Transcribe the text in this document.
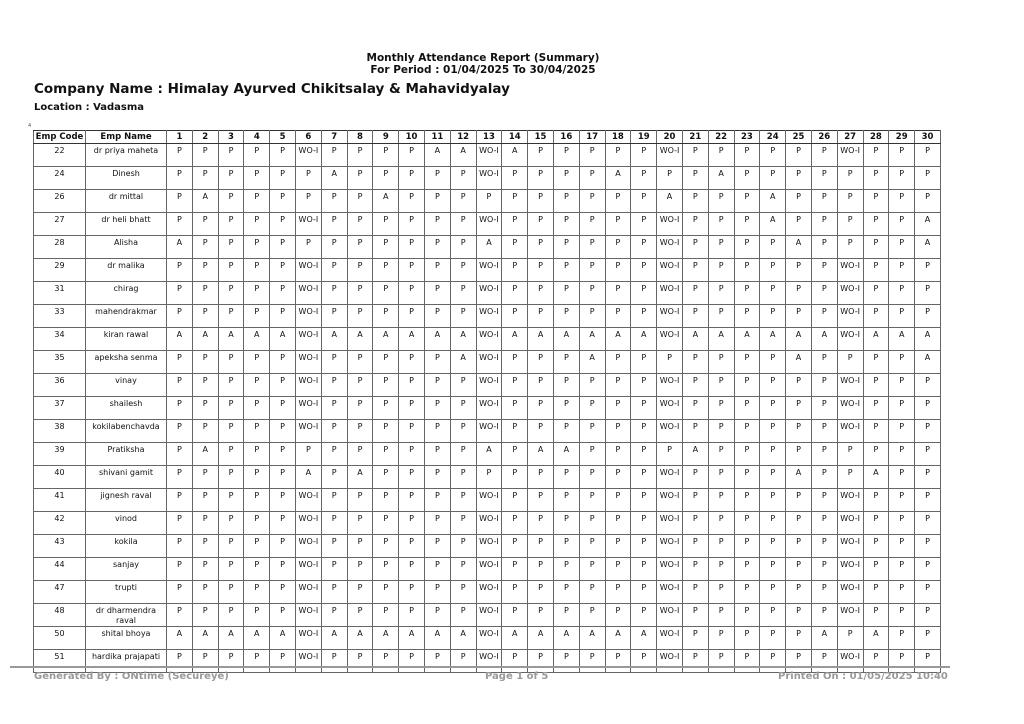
Monthly Attendance Report (Summary)
For Period : 01/04/2025 To 30/04/2025
Company Name : Himalay Ayurved Chikitsalay & Mahavidyalay
Location : Vadasma
4
Emp Code	Emp Name	1	2	3	4	5	6	7	8	9	10	11	12	13	14	15	16	17	18	19	20	21	22	23	24	25	26	27	28	29	30
22	dr priya maheta	P	P	P	P	P	WO-I	P	P	P	P	A	A	WO-I	A	P	P	P	P	P	WO-I	P	P	P	P	P	P	WO-I	P	P	P
24	Dinesh	P	P	P	P	P	P	A	P	P	P	P	P	WO-I	P	P	P	P	A	P	P	P	A	P	P	P	P	P	P	P	P
26	dr mittal	P	A	P	P	P	P	P	P	A	P	P	P	P	P	P	P	P	P	P	A	P	P	P	A	P	P	P	P	P	P
27	dr heli bhatt	P	P	P	P	P	WO-I	P	P	P	P	P	P	WO-I	P	P	P	P	P	P	WO-I	P	P	P	A	P	P	P	P	P	A
28	Alisha	A	P	P	P	P	P	P	P	P	P	P	P	A	P	P	P	P	P	P	WO-I	P	P	P	P	A	P	P	P	P	A
29	dr malika	P	P	P	P	P	WO-I	P	P	P	P	P	P	WO-I	P	P	P	P	P	P	WO-I	P	P	P	P	P	P	WO-I	P	P	P
31	chirag	P	P	P	P	P	WO-I	P	P	P	P	P	P	WO-I	P	P	P	P	P	P	WO-I	P	P	P	P	P	P	WO-I	P	P	P
33	mahendrakmar	P	P	P	P	P	WO-I	P	P	P	P	P	P	WO-I	P	P	P	P	P	P	WO-I	P	P	P	P	P	P	WO-I	P	P	P
34	kiran rawal	A	A	A	A	A	WO-I	A	A	A	A	A	A	WO-I	A	A	A	A	A	A	WO-I	A	A	A	A	A	A	WO-I	A	A	A
35	apeksha senma	P	P	P	P	P	WO-I	P	P	P	P	P	A	WO-I	P	P	P	A	P	P	P	P	P	P	P	A	P	P	P	P	A
36	vinay	P	P	P	P	P	WO-I	P	P	P	P	P	P	WO-I	P	P	P	P	P	P	WO-I	P	P	P	P	P	P	WO-I	P	P	P
37	shailesh	P	P	P	P	P	WO-I	P	P	P	P	P	P	WO-I	P	P	P	P	P	P	WO-I	P	P	P	P	P	P	WO-I	P	P	P
38	kokilabenchavda	P	P	P	P	P	WO-I	P	P	P	P	P	P	WO-I	P	P	P	P	P	P	WO-I	P	P	P	P	P	P	WO-I	P	P	P
39	Pratiksha	P	A	P	P	P	P	P	P	P	P	P	P	A	P	A	A	P	P	P	P	A	P	P	P	P	P	P	P	P	P
40	shivani gamit	P	P	P	P	P	A	P	A	P	P	P	P	P	P	P	P	P	P	P	WO-I	P	P	P	P	A	P	P	A	P	P
41	jignesh raval	P	P	P	P	P	WO-I	P	P	P	P	P	P	WO-I	P	P	P	P	P	P	WO-I	P	P	P	P	P	P	WO-I	P	P	P
42	vinod	P	P	P	P	P	WO-I	P	P	P	P	P	P	WO-I	P	P	P	P	P	P	WO-I	P	P	P	P	P	P	WO-I	P	P	P
43	kokila	P	P	P	P	P	WO-I	P	P	P	P	P	P	WO-I	P	P	P	P	P	P	WO-I	P	P	P	P	P	P	WO-I	P	P	P
44	sanjay	P	P	P	P	P	WO-I	P	P	P	P	P	P	WO-I	P	P	P	P	P	P	WO-I	P	P	P	P	P	P	WO-I	P	P	P
47	trupti	P	P	P	P	P	WO-I	P	P	P	P	P	P	WO-I	P	P	P	P	P	P	WO-I	P	P	P	P	P	P	WO-I	P	P	P
48	dr dharmendra raval	P	P	P	P	P	WO-I	P	P	P	P	P	P	WO-I	P	P	P	P	P	P	WO-I	P	P	P	P	P	P	WO-I	P	P	P
50	shital bhoya	A	A	A	A	A	WO-I	A	A	A	A	A	A	WO-I	A	A	A	A	A	A	WO-I	P	P	P	P	P	A	P	A	P	P
51	hardika prajapati	P	P	P	P	P	WO-I	P	P	P	P	P	P	WO-I	P	P	P	P	P	P	WO-I	P	P	P	P	P	P	WO-I	P	P	P
Generated By : ONtime (Secureye)	Page 1 of 5	Printed On : 01/05/2025 10:40
